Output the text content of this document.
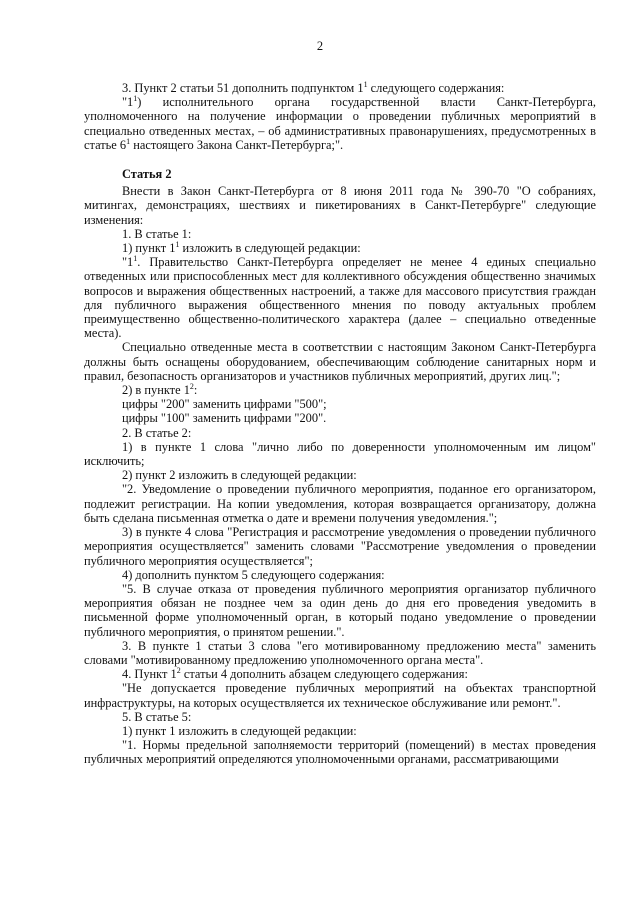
2

3. Пункт 2 статьи 51 дополнить подпунктом $1^1$ следующего содержания:

"$1^1$) исполнительного органа государственной власти Санкт-Петербурга, уполномоченного на получение информации о проведении публичных мероприятий в специально отведенных местах, – об административных правонарушениях, предусмотренных в статье $6^1$ настоящего Закона Санкт-Петербурга;".

Статья 2

Внести в Закон Санкт-Петербурга от 8 июня 2011 года № 390-70 "О собраниях, митингах, демонстрациях, шествиях и пикетированиях в Санкт-Петербурге" следующие изменения:

1. В статье 1:

1) пункт $1^1$ изложить в следующей редакции:

"$1^1$. Правительство Санкт-Петербурга определяет не менее 4 единых специально отведенных или приспособленных мест для коллективного обсуждения общественно значимых вопросов и выражения общественных настроений, а также для массового присутствия граждан для публичного выражения общественного мнения по поводу актуальных проблем преимущественно общественно-политического характера (далее – специально отведенные места).

Специально отведенные места в соответствии с настоящим Законом Санкт-Петербурга должны быть оснащены оборудованием, обеспечивающим соблюдение санитарных норм и правил, безопасность организаторов и участников публичных мероприятий, других лиц.";

2) в пункте $1^2$:

цифры "200" заменить цифрами "500";

цифры "100" заменить цифрами "200".

2. В статье 2:

1) в пункте 1 слова "лично либо по доверенности уполномоченным им лицом" исключить;

2) пункт 2 изложить в следующей редакции:

"2. Уведомление о проведении публичного мероприятия, поданное его организатором, подлежит регистрации. На копии уведомления, которая возвращается организатору, должна быть сделана письменная отметка о дате и времени получения уведомления.";

3) в пункте 4 слова "Регистрация и рассмотрение уведомления о проведении публичного мероприятия осуществляется" заменить словами "Рассмотрение уведомления о проведении публичного мероприятия осуществляется";

4) дополнить пунктом 5 следующего содержания:

"5. В случае отказа от проведения публичного мероприятия организатор публичного мероприятия обязан не позднее чем за один день до дня его проведения уведомить в письменной форме уполномоченный орган, в который подано уведомление о проведении публичного мероприятия, о принятом решении.".

3. В пункте 1 статьи 3 слова "его мотивированному предложению места" заменить словами "мотивированному предложению уполномоченного органа места".

4. Пункт $1^2$ статьи 4 дополнить абзацем следующего содержания:

"Не допускается проведение публичных мероприятий на объектах транспортной инфраструктуры, на которых осуществляется их техническое обслуживание или ремонт.".

5. В статье 5:

1) пункт 1 изложить в следующей редакции:

"1. Нормы предельной заполняемости территорий (помещений) в местах проведения публичных мероприятий определяются уполномоченными органами, рассматривающими
